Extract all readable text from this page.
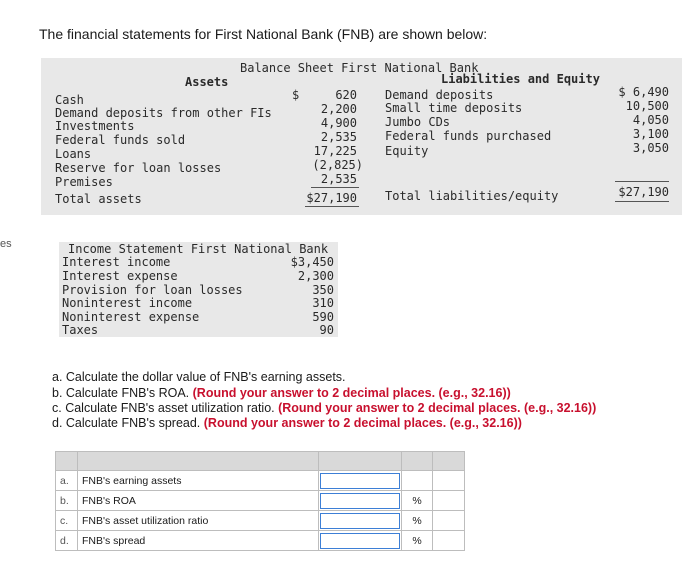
The financial statements for First National Bank (FNB) are shown below:
es
Balance Sheet First National Bank
Assets	Liabilities and Equity
Cash	$     620
Demand deposits from other FIs	2,200
Investments	4,900
Federal funds sold	2,535
Loans	17,225
Reserve for loan losses	(2,825)
Premises	2,535
Total assets	$27,190
Demand deposits	$ 6,490
Small time deposits	10,500
Jumbo CDs	4,050
Federal funds purchased	3,100
Equity	3,050
Total liabilities/equity	$27,190
Income Statement First National Bank
Interest income	$3,450
Interest expense	2,300
Provision for loan losses	350
Noninterest income	310
Noninterest expense	590
Taxes	90
a. Calculate the dollar value of FNB's earning assets.
b. Calculate FNB's ROA. (Round your answer to 2 decimal places. (e.g., 32.16))
c. Calculate FNB's asset utilization ratio. (Round your answer to 2 decimal places. (e.g., 32.16))
d. Calculate FNB's spread. (Round your answer to 2 decimal places. (e.g., 32.16))

a.	FNB's earning assets	

b.	FNB's ROA		%	
c.	FNB's asset utilization ratio		%	
d.	FNB's spread		%	
